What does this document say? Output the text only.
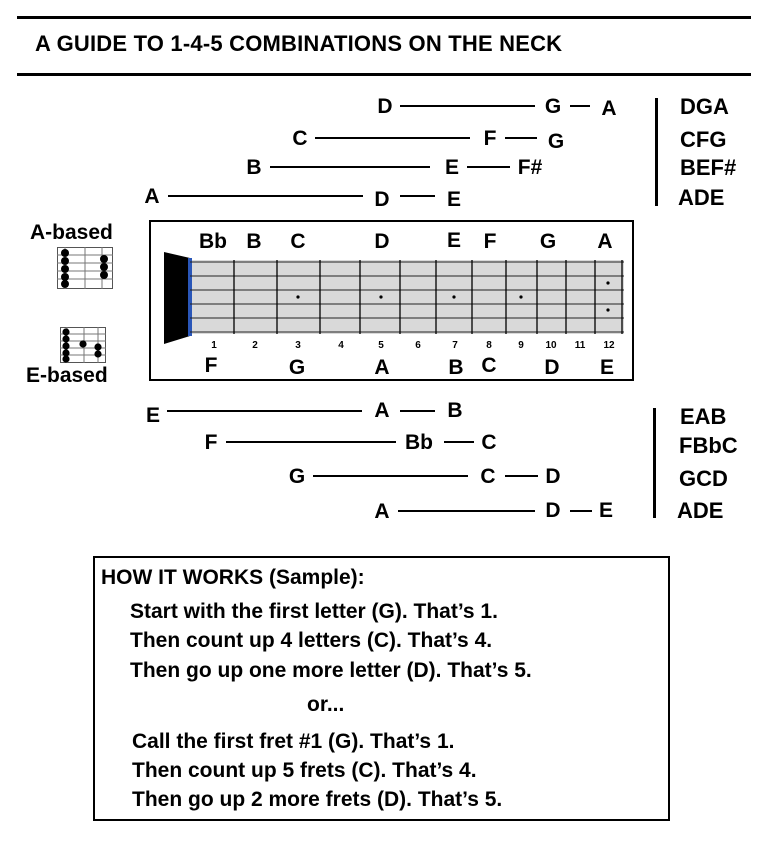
A GUIDE TO 1-4-5 COMBINATIONS ON THE NECK
D	G A
C	F G
B	E	F#
A	D	E
DGA
CFG
BEF#
ADE
A-based
E-based
Bb B C	D	E F G A
1	2	3	4	5	6	7	8	9 10 11 12
F	G	A	B C D E
E	A	B
F	Bb C
G	C D
A	D E
EAB
FBbC
GCD
ADE
HOW IT WORKS (Sample):
Start with the first letter (G). That’s 1.
Then count up 4 letters (C). That’s 4.
Then go up one more letter (D). That’s 5.
or...
Call the first fret #1 (G). That’s 1.
Then count up 5 frets (C). That’s 4.
Then go up 2 more frets (D). That’s 5.
